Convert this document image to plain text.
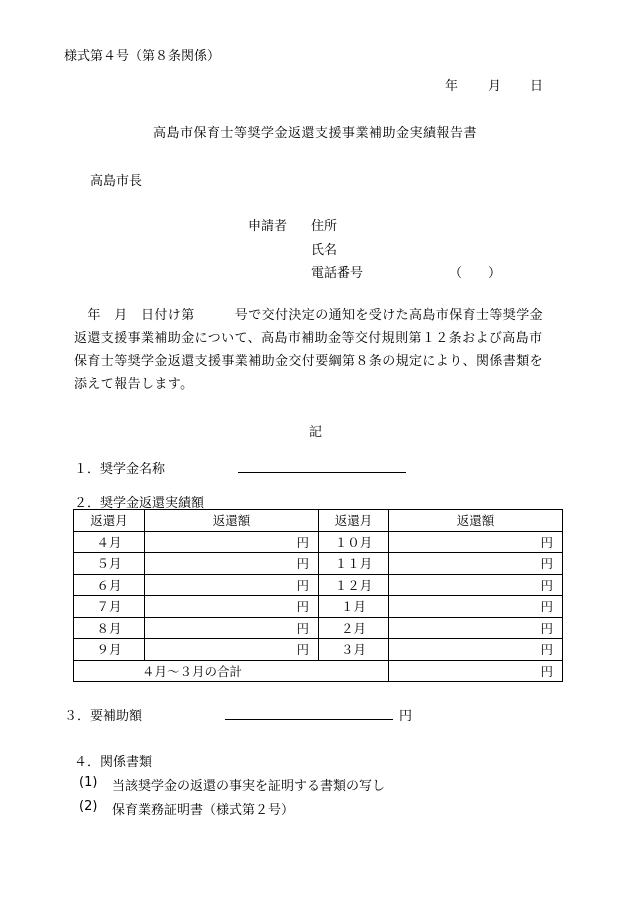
様式第４号（第８条関係）
年 月 日
高島市保育士等奨学金返還支援事業補助金実績報告書
高島市長
申請者 住所
氏名
電話番号	（　　）
　年　月　日付け第　　　号で交付決定の通知を受けた高島市保育士等奨学金
返還支援事業補助金について、高島市補助金等交付規則第１２条および高島市
保育士等奨学金返還支援事業補助金交付要綱第８条の規定により、関係書類を
添えて報告します。
記
１．奨学金名称
２．奨学金返還実績額
返還月	返還額	返還月	返還額
４月	円	１０月	円
５月	円	１１月	円
６月	円	１２月	円
７月	円	１月	円
８月	円	２月	円
９月	円	３月	円
４月～３月の合計			円
３．要補助額	円
４．関係書類
(1) 当該奨学金の返還の事実を証明する書類の写し
(2) 保育業務証明書（様式第２号）
